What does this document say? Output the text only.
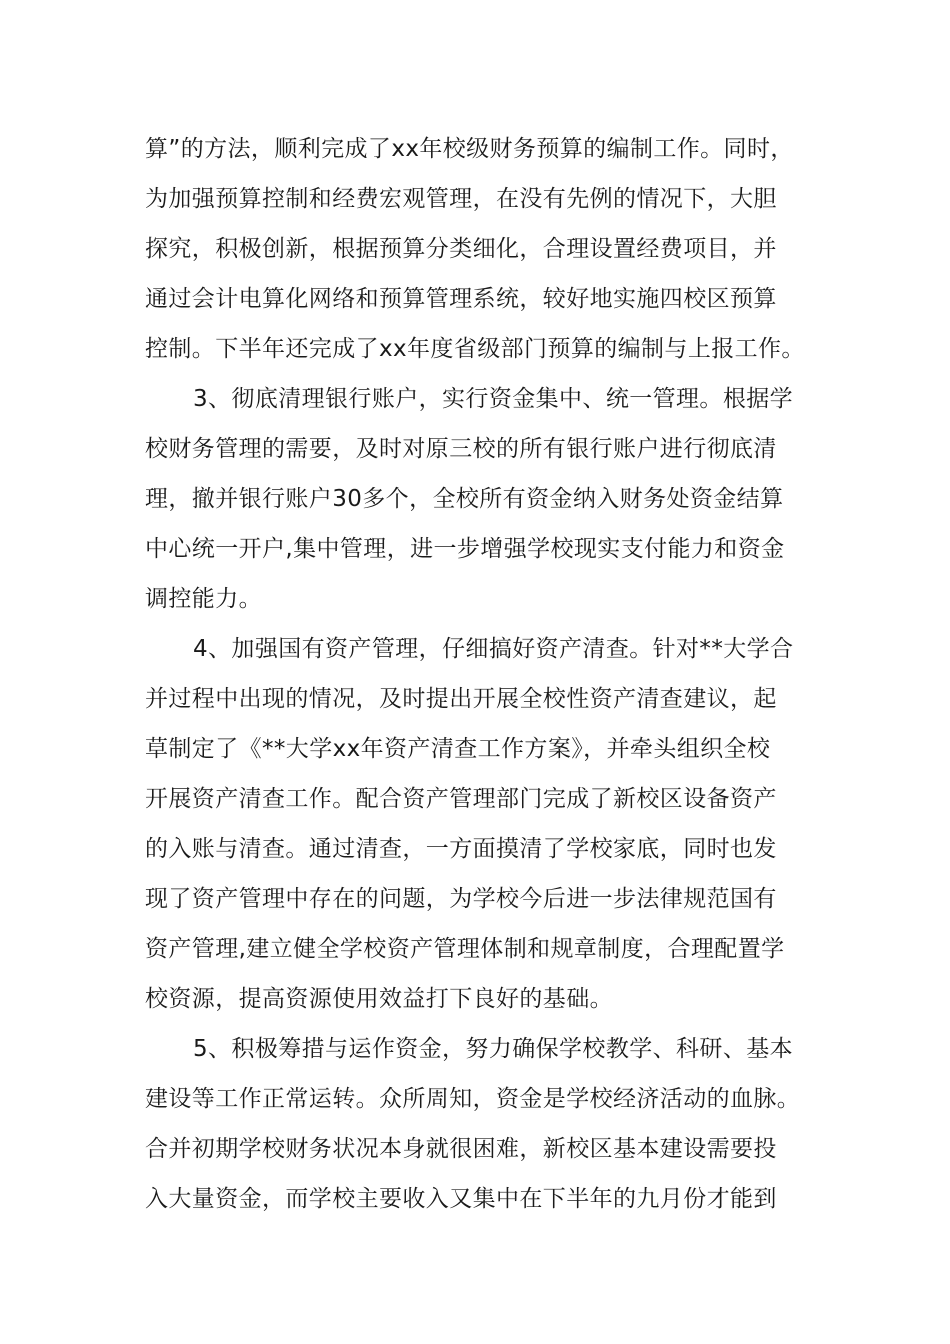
算”的方法，顺利完成了xx年校级财务预算的编制工作。同时，
为加强预算控制和经费宏观管理，在没有先例的情况下，大胆
探究，积极创新，根据预算分类细化，合理设置经费项目，并
通过会计电算化网络和预算管理系统，较好地实施四校区预算
控制。下半年还完成了xx年度省级部门预算的编制与上报工作。
3、彻底清理银行账户，实行资金集中、统一管理。根据学
校财务管理的需要，及时对原三校的所有银行账户进行彻底清
理，撤并银行账户30多个，全校所有资金纳入财务处资金结算
中心统一开户,集中管理，进一步增强学校现实支付能力和资金
调控能力。
4、加强国有资产管理，仔细搞好资产清查。针对**大学合
并过程中出现的情况，及时提出开展全校性资产清查建议，起
草制定了《**大学xx年资产清查工作方案》，并牵头组织全校
开展资产清查工作。配合资产管理部门完成了新校区设备资产
的入账与清查。通过清查，一方面摸清了学校家底，同时也发
现了资产管理中存在的问题，为学校今后进一步法律规范国有
资产管理,建立健全学校资产管理体制和规章制度，合理配置学
校资源，提高资源使用效益打下良好的基础。
5、积极筹措与运作资金，努力确保学校教学、科研、基本
建设等工作正常运转。众所周知，资金是学校经济活动的血脉。
合并初期学校财务状况本身就很困难，新校区基本建设需要投
入大量资金，而学校主要收入又集中在下半年的九月份才能到
